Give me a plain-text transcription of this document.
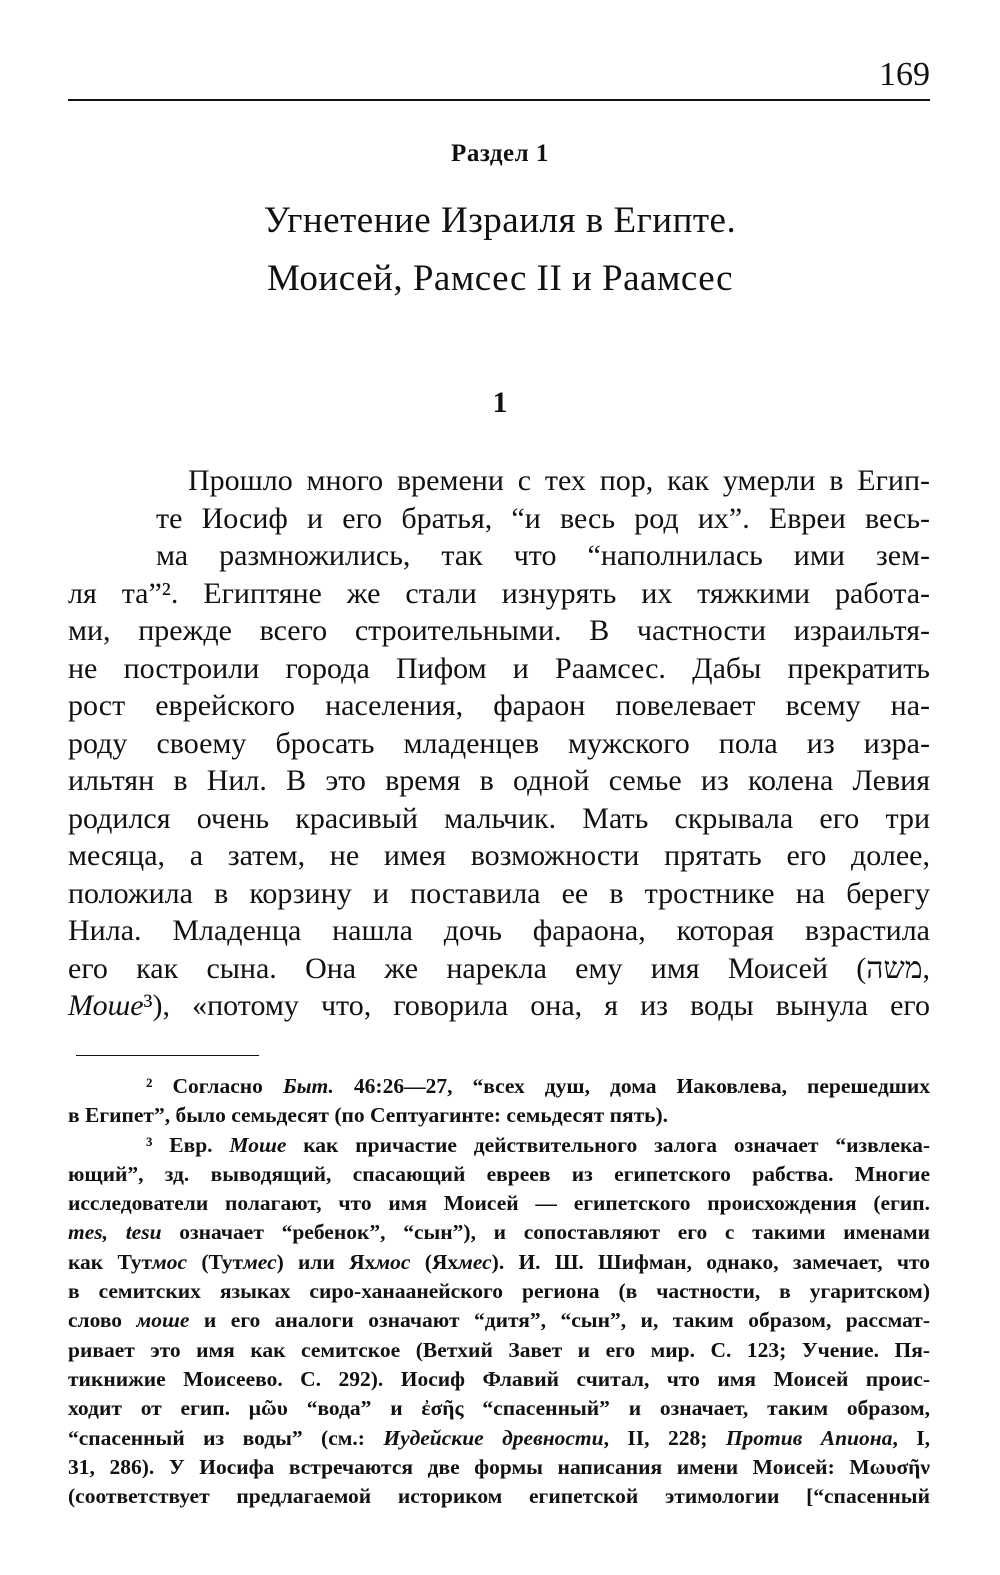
169
Раздел 1
Угнетение Израиля в Египте.
Моисей, Рамсес II и Раамсес
1
Прошло много времени с тех пор, как умерли в Егип-
те Иосиф и его братья, “и весь род их”. Евреи весь-
ма размножились, так что “наполнилась ими зем-
ля та”². Египтяне же стали изнурять их тяжкими работа-
ми, прежде всего строительными. В частности израильтя-
не построили города Пифом и Раамсес. Дабы прекратить
рост еврейского населения, фараон повелевает всему на-
роду своему бросать младенцев мужского пола из изра-
ильтян в Нил. В это время в одной семье из колена Левия
родился очень красивый мальчик. Мать скрывала его три
месяца, а затем, не имея возможности прятать его долее,
положила в корзину и поставила ее в тростнике на берегу
Нила. Младенца нашла дочь фараона, которая взрастила
его как сына. Она же нарекла ему имя Моисей (משה,
Моше³), «потому что, говорила она, я из воды вынула его
² Согласно Быт. 46:26—27, “всех душ, дома Иаковлева, перешедших
в Египет”, было семьдесят (по Септуагинте: семьдесят пять).
³ Евр. Моше как причастие действительного залога означает “извлека-
ющий”, зд. выводящий, спасающий евреев из египетского рабства. Многие
исследователи полагают, что имя Моисей — египетского происхождения (егип.
mes, tesu означает “ребенок”, “сын”), и сопоставляют его с такими именами
как Тутмос (Тутмес) или Яхмос (Яхмес). И. Ш. Шифман, однако, замечает, что
в семитских языках сиро-ханаанейского региона (в частности, в угаритском)
слово моше и его аналоги означают “дитя”, “сын”, и, таким образом, рассмат-
ривает это имя как семитское (Ветхий Завет и его мир. С. 123; Учение. Пя-
тикнижие Моисеево. С. 292). Иосиф Флавий считал, что имя Моисей проис-
ходит от егип. μῶυ “вода” и ἐσῆς “спасенный” и означает, таким образом,
“спасенный из воды” (см.: Иудейские древности, II, 228; Против Апиона, I,
31, 286). У Иосифа встречаются две формы написания имени Моисей: Μωυσῆν
(соответствует предлагаемой историком египетской этимологии [“спасенный
